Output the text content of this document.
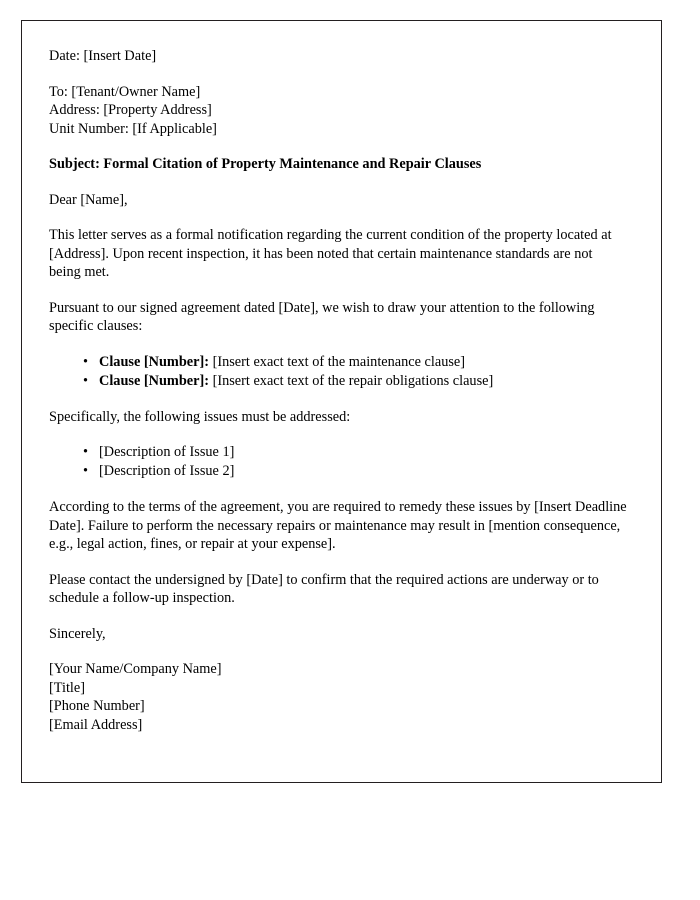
Date: [Insert Date]
To: [Tenant/Owner Name]
Address: [Property Address]
Unit Number: [If Applicable]
Subject: Formal Citation of Property Maintenance and Repair Clauses
Dear [Name],

This letter serves as a formal notification regarding the current condition of the property located at [Address]. Upon recent inspection, it has been noted that certain maintenance standards are not being met.

Pursuant to our signed agreement dated [Date], we wish to draw your attention to the following specific clauses:

• Clause [Number]: [Insert exact text of the maintenance clause]
• Clause [Number]: [Insert exact text of the repair obligations clause]

Specifically, the following issues must be addressed:

• [Description of Issue 1]
• [Description of Issue 2]

According to the terms of the agreement, you are required to remedy these issues by [Insert Deadline Date]. Failure to perform the necessary repairs or maintenance may result in [mention consequence, e.g., legal action, fines, or repair at your expense].

Please contact the undersigned by [Date] to confirm that the required actions are underway or to schedule a follow-up inspection.

Sincerely,
[Your Name/Company Name]
[Title]
[Phone Number]
[Email Address]
